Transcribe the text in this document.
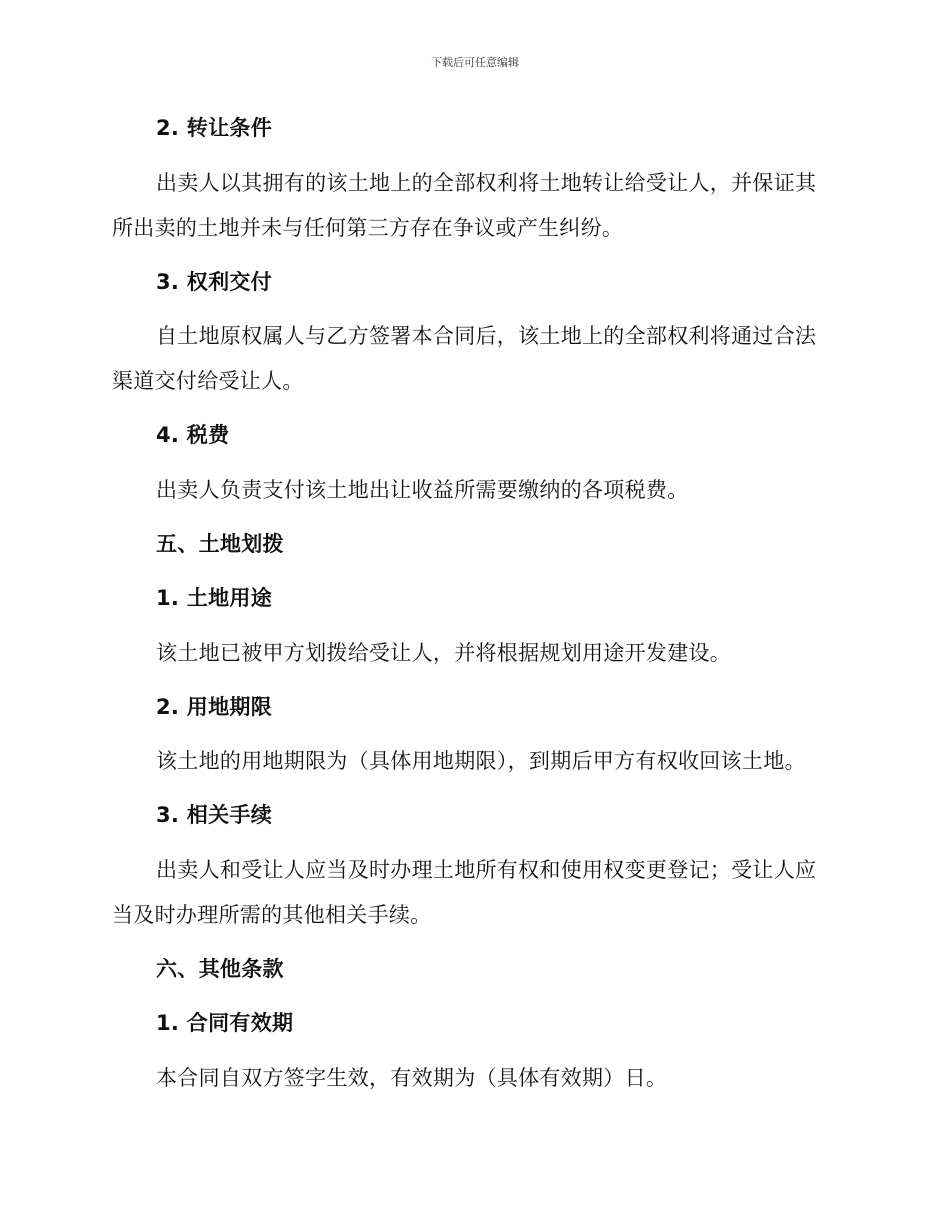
下载后可任意编辑
2. 转让条件
出卖人以其拥有的该土地上的全部权利将土地转让给受让人，并保证其
所出卖的土地并未与任何第三方存在争议或产生纠纷。
3. 权利交付
自土地原权属人与乙方签署本合同后，该土地上的全部权利将通过合法
渠道交付给受让人。
4. 税费
出卖人负责支付该土地出让收益所需要缴纳的各项税费。
五、土地划拨
1. 土地用途
该土地已被甲方划拨给受让人，并将根据规划用途开发建设。
2. 用地期限
该土地的用地期限为（具体用地期限），到期后甲方有权收回该土地。
3. 相关手续
出卖人和受让人应当及时办理土地所有权和使用权变更登记；受让人应
当及时办理所需的其他相关手续。
六、其他条款
1. 合同有效期
本合同自双方签字生效，有效期为（具体有效期）日。
